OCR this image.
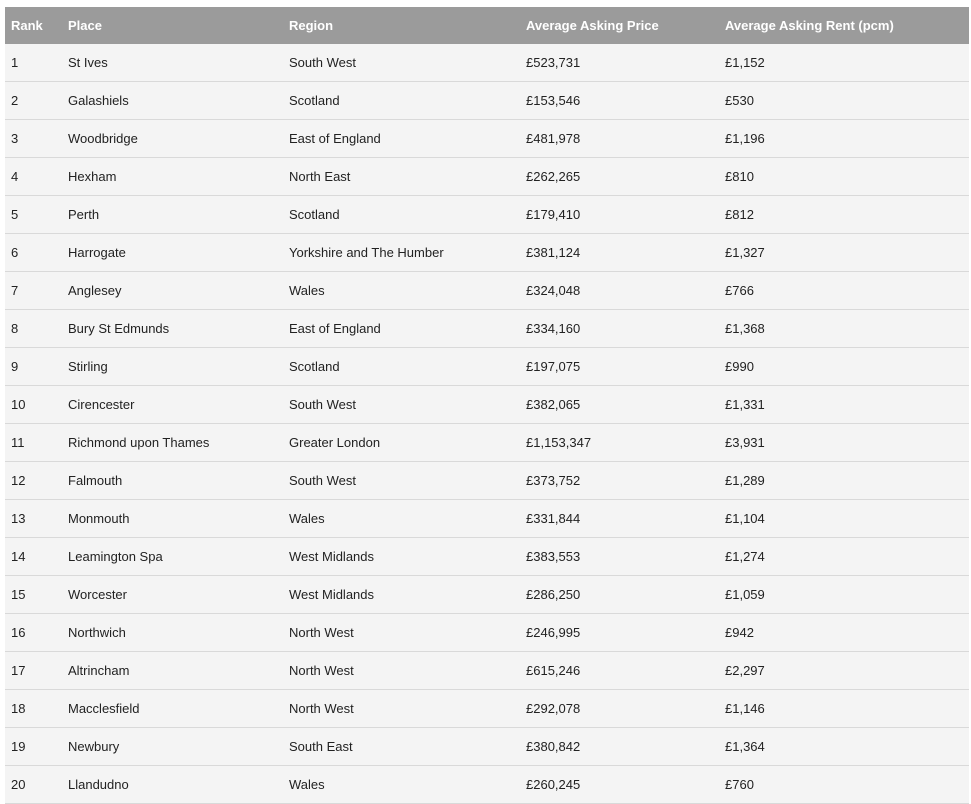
Rank	Place	Region	Average Asking Price	Average Asking Rent (pcm)
1	St Ives	South West	£523,731	£1,152
2	Galashiels	Scotland	£153,546	£530
3	Woodbridge	East of England	£481,978	£1,196
4	Hexham	North East	£262,265	£810
5	Perth	Scotland	£179,410	£812
6	Harrogate	Yorkshire and The Humber	£381,124	£1,327
7	Anglesey	Wales	£324,048	£766
8	Bury St Edmunds	East of England	£334,160	£1,368
9	Stirling	Scotland	£197,075	£990
10	Cirencester	South West	£382,065	£1,331
11	Richmond upon Thames	Greater London	£1,153,347	£3,931
12	Falmouth	South West	£373,752	£1,289
13	Monmouth	Wales	£331,844	£1,104
14	Leamington Spa	West Midlands	£383,553	£1,274
15	Worcester	West Midlands	£286,250	£1,059
16	Northwich	North West	£246,995	£942
17	Altrincham	North West	£615,246	£2,297
18	Macclesfield	North West	£292,078	£1,146
19	Newbury	South East	£380,842	£1,364
20	Llandudno	Wales	£260,245	£760
